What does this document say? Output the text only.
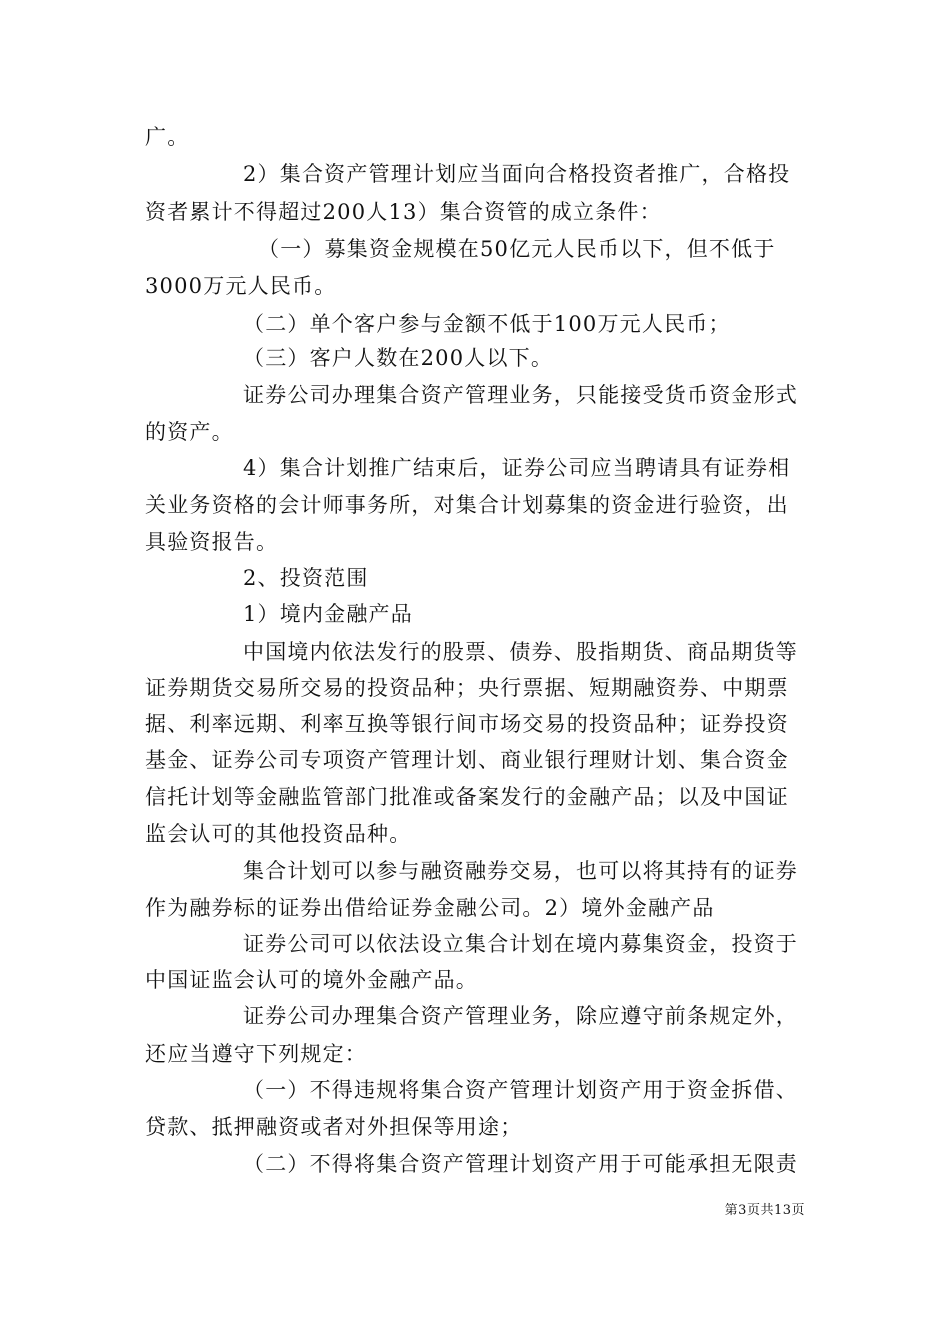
广。
2）集合资产管理计划应当面向合格投资者推广，合格投
资者累计不得超过200人13）集合资管的成立条件：
（一）募集资金规模在50亿元人民币以下，但不低于
3000万元人民币。
（二）单个客户参与金额不低于100万元人民币；
（三）客户人数在200人以下。
证券公司办理集合资产管理业务，只能接受货币资金形式
的资产。
4）集合计划推广结束后，证券公司应当聘请具有证券相
关业务资格的会计师事务所，对集合计划募集的资金进行验资，出
具验资报告。
2、投资范围
1）境内金融产品
中国境内依法发行的股票、债券、股指期货、商品期货等
证券期货交易所交易的投资品种；央行票据、短期融资券、中期票
据、利率远期、利率互换等银行间市场交易的投资品种；证券投资
基金、证券公司专项资产管理计划、商业银行理财计划、集合资金
信托计划等金融监管部门批准或备案发行的金融产品；以及中国证
监会认可的其他投资品种。
集合计划可以参与融资融券交易，也可以将其持有的证券
作为融券标的证券出借给证券金融公司。2）境外金融产品
证券公司可以依法设立集合计划在境内募集资金，投资于
中国证监会认可的境外金融产品。
证券公司办理集合资产管理业务，除应遵守前条规定外，
还应当遵守下列规定：
（一）不得违规将集合资产管理计划资产用于资金拆借、
贷款、抵押融资或者对外担保等用途；
（二）不得将集合资产管理计划资产用于可能承担无限责
第3页共13页
